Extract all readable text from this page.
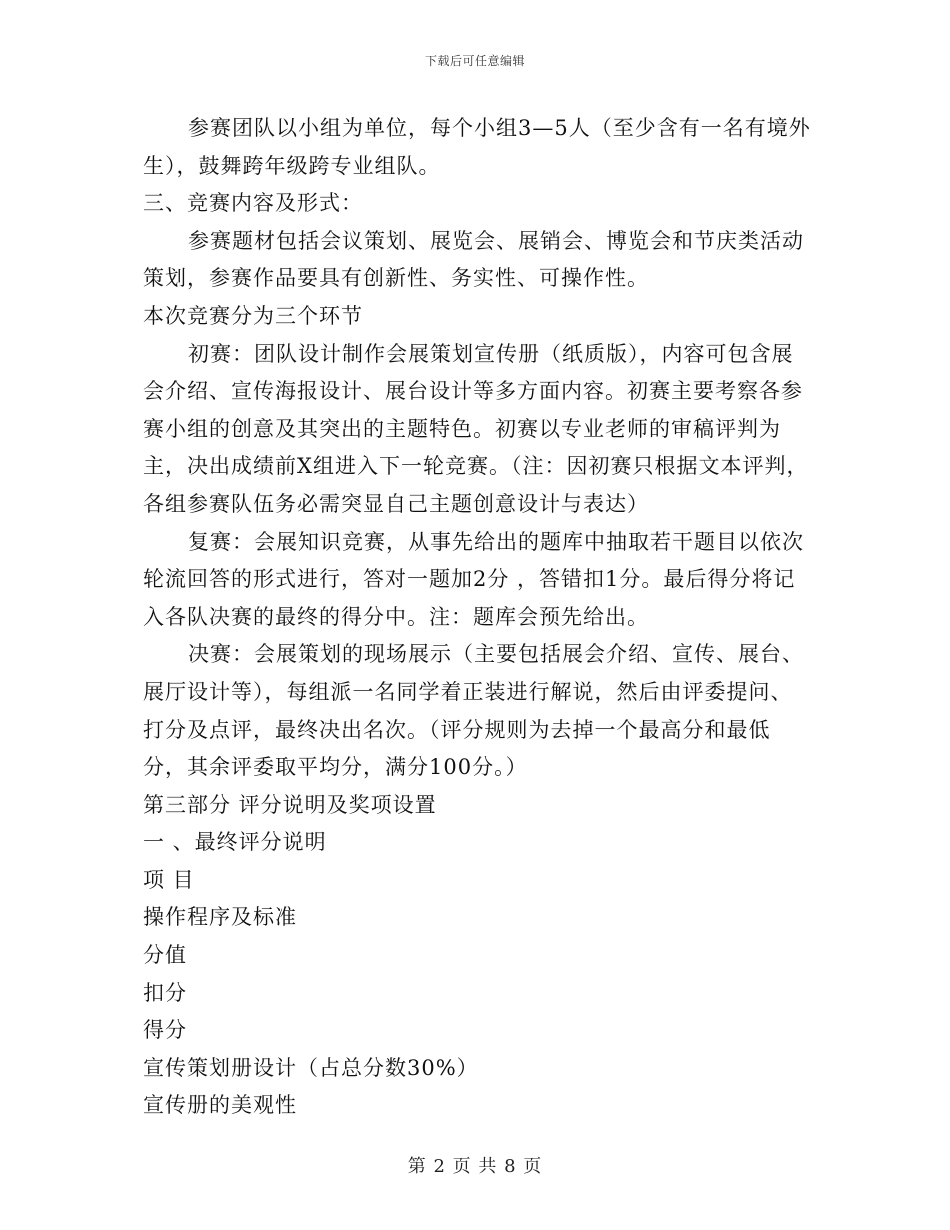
下载后可任意编辑

参赛团队以小组为单位，每个小组3—5人（至少含有一名有境外生），鼓舞跨年级跨专业组队。

三、竞赛内容及形式：

参赛题材包括会议策划、展览会、展销会、博览会和节庆类活动策划，参赛作品要具有创新性、务实性、可操作性。

本次竞赛分为三个环节

初赛：团队设计制作会展策划宣传册（纸质版），内容可包含展会介绍、宣传海报设计、展台设计等多方面内容。初赛主要考察各参赛小组的创意及其突出的主题特色。初赛以专业老师的审稿评判为主，决出成绩前X组进入下一轮竞赛。（注：因初赛只根据文本评判，各组参赛队伍务必需突显自己主题创意设计与表达）

复赛：会展知识竞赛，从事先给出的题库中抽取若干题目以依次轮流回答的形式进行，答对一题加2分 ，答错扣1分。最后得分将记入各队决赛的最终的得分中。注：题库会预先给出。

决赛：会展策划的现场展示（主要包括展会介绍、宣传、展台、展厅设计等），每组派一名同学着正装进行解说，然后由评委提问、打分及点评，最终决出名次。（评分规则为去掉一个最高分和最低分，其余评委取平均分，满分100分。）

第三部分 评分说明及奖项设置

一 、最终评分说明

项 目

操作程序及标准

分值

扣分

得分

宣传策划册设计（占总分数30%）

宣传册的美观性

第 2 页 共 8 页
